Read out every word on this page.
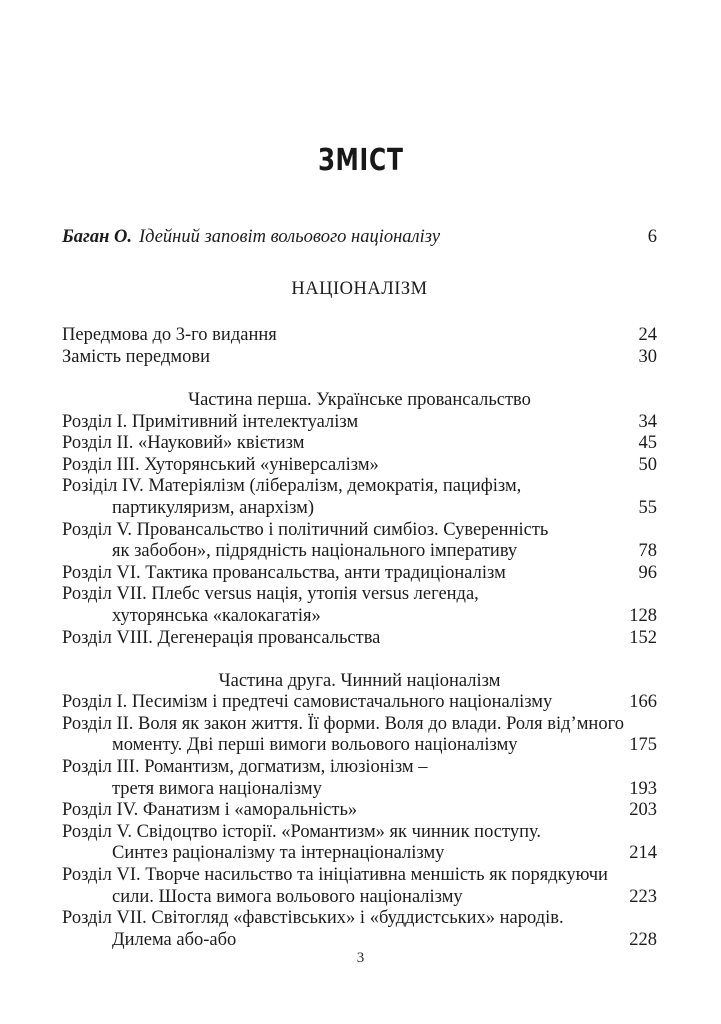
ЗМІСТ
Баган О. Ідейний заповіт вольового націоналізу	6
НАЦІОНАЛІЗМ
Передмова до 3-го видання	24
Замість передмови	30
Частина перша. Українське провансальство
Розділ I. Примітивний інтелектуалізм	34
Розділ II. «Науковий» квієтизм	45
Розділ III. Хуторянський «універсалізм»	50
Розіділ IV. Матеріялізм (лібералізм, демократія, пацифізм,
партикуляризм, анархізм)	55
Розділ V. Провансальство і політичний симбіоз. Суверенність
як забобон», підрядність національного імперативу	78
Розділ VI. Тактика провансальства, анти традиціоналізм	96
Розділ VII. Плебс versus нація, утопія versus легенда,
хуторянська «калокагатія»	128
Розділ VIII. Дегенерація провансальства	152
Частина друга. Чинний націоналізм
Розділ I. Песимізм і предтечі самовистачального націоналізму	166
Розділ II. Воля як закон життя. Її форми. Воля до влади. Роля від’много
моменту. Дві перші вимоги вольового націоналізму	175
Розділ III. Романтизм, догматизм, ілюзіонізм –
третя вимога націоналізму	193
Розділ IV. Фанатизм і «аморальність»	203
Розділ V. Свідоцтво історії. «Романтизм» як чинник поступу.
Синтез раціоналізму та інтернаціоналізму	214
Розділ VI. Творче насильство та ініціативна меншість як порядкуючи
сили. Шоста вимога вольового націоналізму	223
Розділ VII. Світогляд «фавстівських» і «буддистських» народів.
Дилема або-або	228
3
